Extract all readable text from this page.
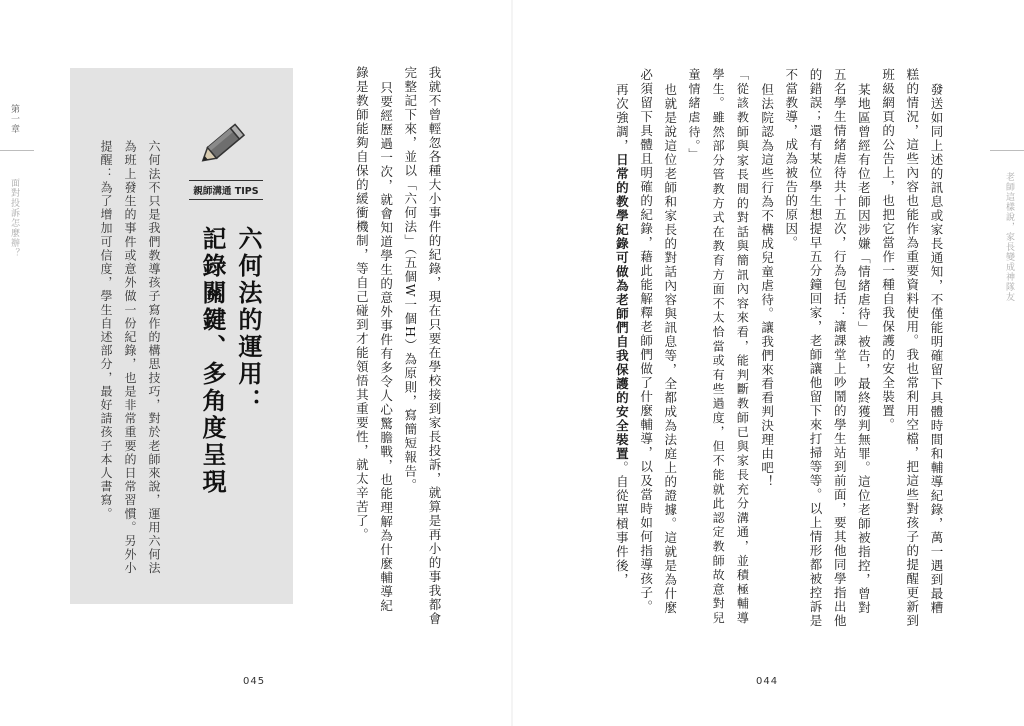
第一章
面對投訴怎麼辦？	親師溝通 TIPS
六何法的運用：
記錄關鍵、多角度呈現
六何法不只是我們教導孩子寫作的構思技巧，對於老師來說，運用六何法為班上發生的事件或意外做一份紀錄，也是非常重要的日常習慣。另外小提醒：為了增加可信度，學生自述部分，最好請孩子本人書寫。	我就不曾輕忽各種大小事件的紀錄，現在只要在學校接到家長投訴，就算是再小的事我都會完整記下來，並以「六何法」（五個W一個H）為原則，寫簡短報告。

只要經歷過一次，就會知道學生的意外事件有多令人心驚膽戰，也能理解為什麼輔導紀錄是教師能夠自保的緩衝機制，等自己碰到才能領悟其重要性，就太辛苦了。

045
老師這樣說，家長變成神隊友
044

發送如同上述的訊息或家長通知，不僅能明確留下具體時間和輔導紀錄，萬一遇到最糟糕的情況，這些內容也能作為重要資料使用。我也常利用空檔，把這些對孩子的提醒更新到班級網頁的公告上，也把它當作一種自我保護的安全裝置。

某地區曾經有位老師因涉嫌「情緒虐待」被告，最終獲判無罪。這位老師被指控，曾對五名學生情緒虐待共十五次，行為包括：讓課堂上吵鬧的學生站到前面，要其他同學指出他的錯誤；還有某位學生想提早五分鐘回家，老師讓他留下來打掃等等。以上情形都被控訴是不當教導，成為被告的原因。

但法院認為這些行為不構成兒童虐待。讓我們來看看判決理由吧！

「從該教師與家長間的對話與簡訊內容來看，能判斷教師已與家長充分溝通，並積極輔導學生。雖然部分管教方式在教育方面不太恰當或有些過度，但不能就此認定教師故意對兒童情緒虐待。」

也就是說這位老師和家長的對話內容與訊息等，全都成為法庭上的證據。這就是為什麼必須留下具體且明確的紀錄，藉此能解釋老師們做了什麼輔導，以及當時如何指導孩子。

再次強調，日常的教學紀錄可做為老師們自我保護的安全裝置。自從單槓事件後，
